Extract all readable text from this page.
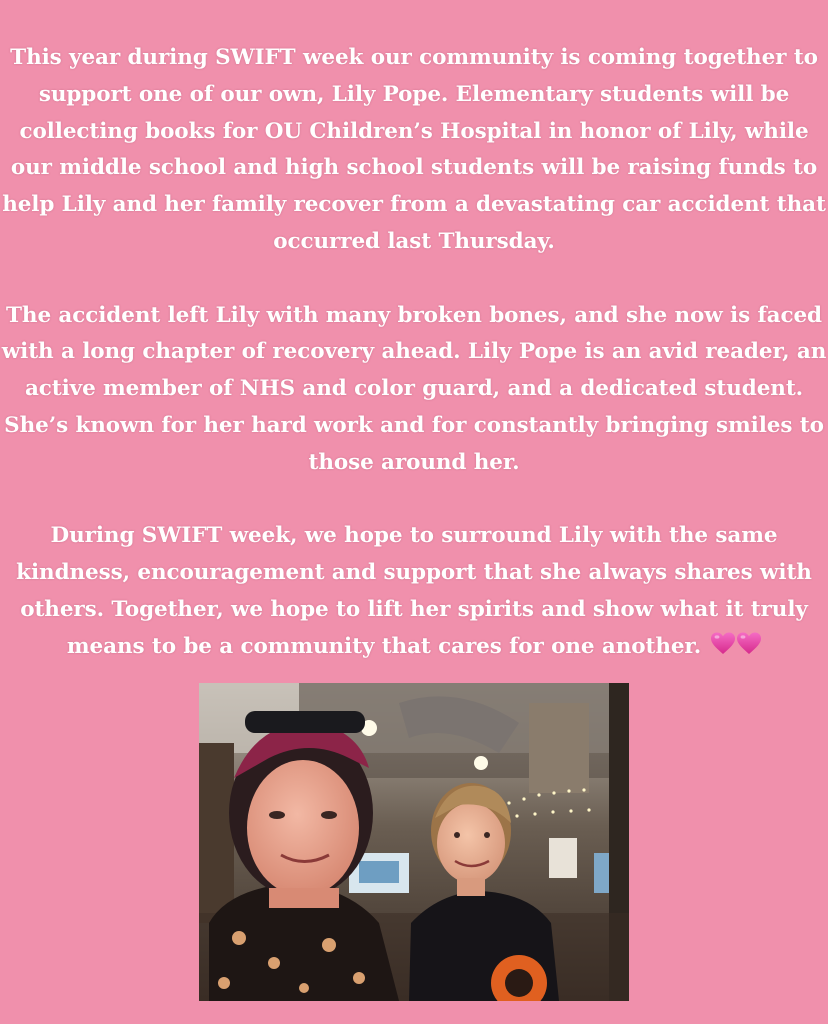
This year during SWIFT week our community is coming together to
support one of our own, Lily Pope. Elementary students will be
collecting books for OU Children’s Hospital in honor of Lily, while
our middle school and high school students will be raising funds to
help Lily and her family recover from a devastating car accident that
occurred last Thursday.

The accident left Lily with many broken bones, and she now is faced
with a long chapter of recovery ahead. Lily Pope is an avid reader, an
active member of NHS and color guard, and a dedicated student.
She’s known for her hard work and for constantly bringing smiles to
those around her.

During SWIFT week, we hope to surround Lily with the same
kindness, encouragement and support that she always shares with
others. Together, we hope to lift her spirits and show what it truly
means to be a community that cares for one another.
